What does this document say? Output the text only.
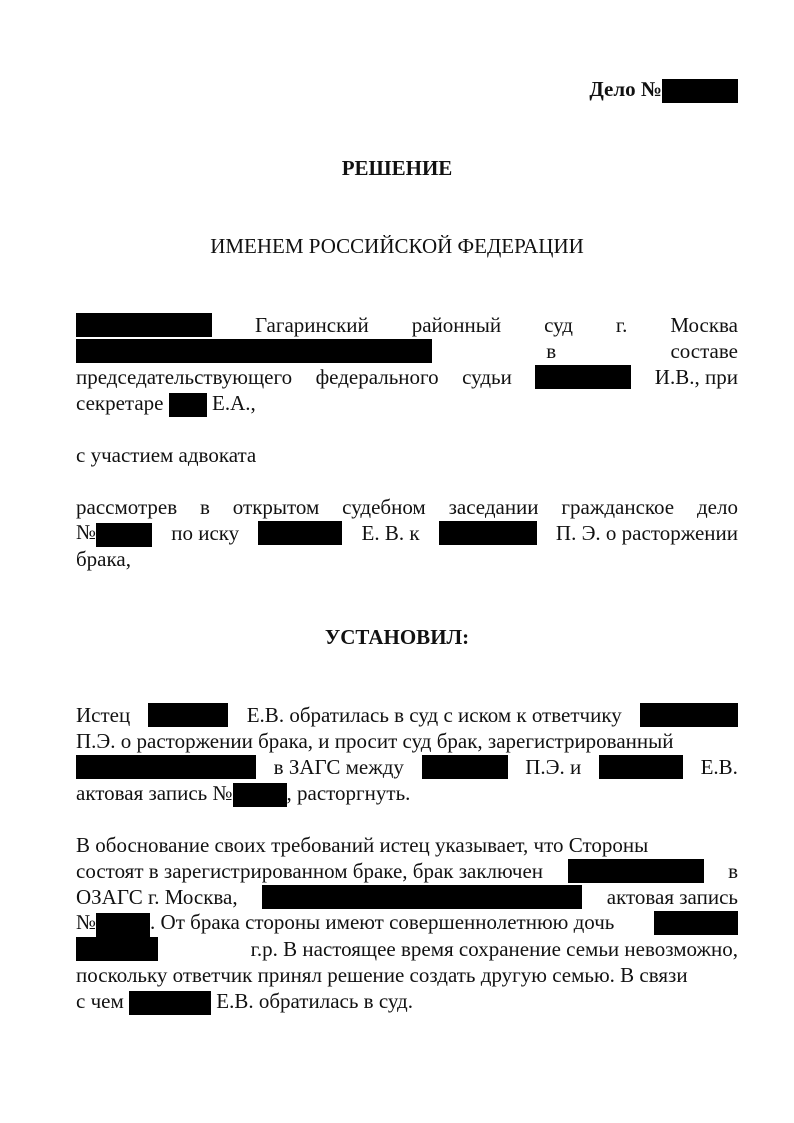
Дело №
РЕШЕНИЕ
ИМЕНЕМ РОССИЙСКОЙ ФЕДЕРАЦИИ
Гагаринский районный суд г. Москва
в	составе
председательствующего федерального судьи	И.В., при
секретаре Е.А.,
с участием адвоката
рассмотрев в открытом судебном заседании гражданское дело
№	по иску	Е. В. к	П. Э. о расторжении
брака,
УСТАНОВИЛ:
Истец	Е.В. обратилась в суд с иском к ответчику
П.Э. о расторжении брака, и просит суд брак, зарегистрированный
в ЗАГС между	П.Э. и	Е.В.
актовая запись №	, расторгнуть.
В обоснование своих требований истец указывает, что Стороны
состоят в зарегистрированном браке, брак заключен	в
ОЗАГС г. Москва,	актовая запись
№	. От брака стороны имеют совершеннолетнюю дочь
г.р. В настоящее время сохранение семьи невозможно,
поскольку ответчик принял решение создать другую семью. В связи
с чем	Е.В. обратилась в суд.
